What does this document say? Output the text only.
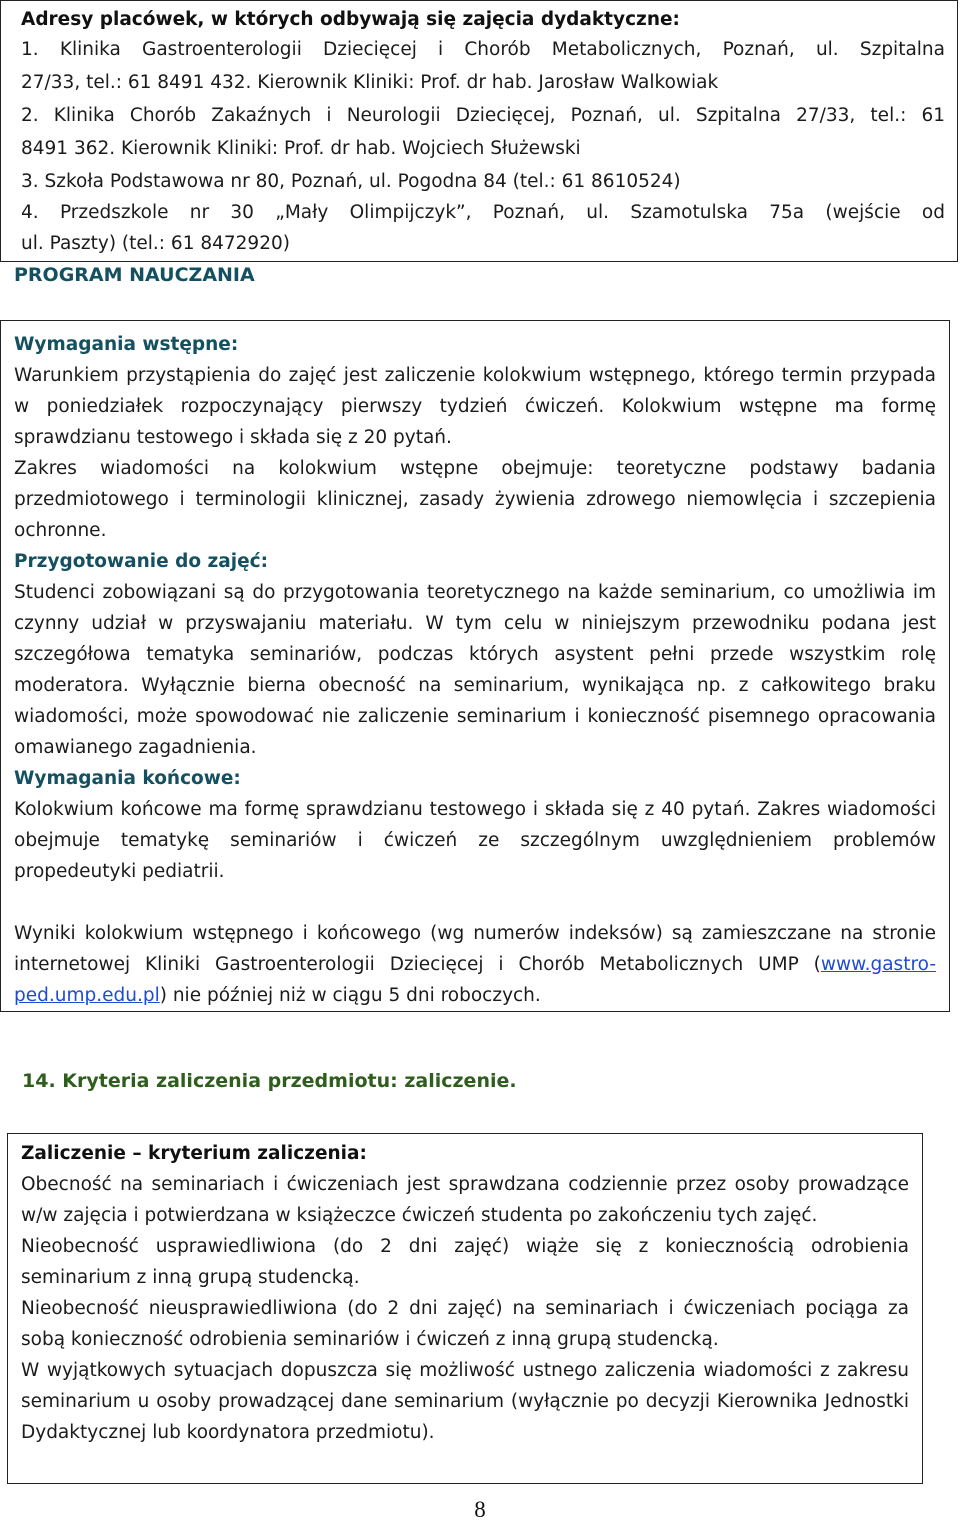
Adresy placówek, w których odbywają się zajęcia dydaktyczne:
1. Klinika Gastroenterologii Dziecięcej i Chorób Metabolicznych, Poznań, ul. Szpitalna
27/33, tel.: 61 8491 432. Kierownik Kliniki: Prof. dr hab. Jarosław Walkowiak
2. Klinika Chorób Zakaźnych i Neurologii Dziecięcej, Poznań, ul. Szpitalna 27/33, tel.: 61
8491 362. Kierownik Kliniki: Prof. dr hab. Wojciech Służewski
3. Szkoła Podstawowa nr 80, Poznań, ul. Pogodna 84 (tel.: 61 8610524)
4. Przedszkole nr 30 „Mały Olimpijczyk”, Poznań, ul. Szamotulska 75a (wejście od
ul. Paszty) (tel.: 61 8472920)
PROGRAM NAUCZANIA

Wymagania wstępne:

Warunkiem przystąpienia do zajęć jest zaliczenie kolokwium wstępnego, którego termin przypada w poniedziałek rozpoczynający pierwszy tydzień ćwiczeń. Kolokwium wstępne ma formę sprawdzianu testowego i składa się z 20 pytań.

Zakres wiadomości na kolokwium wstępne obejmuje: teoretyczne podstawy badania przedmiotowego i terminologii klinicznej, zasady żywienia zdrowego niemowlęcia i szczepienia ochronne.

Przygotowanie do zajęć:

Studenci zobowiązani są do przygotowania teoretycznego na każde seminarium, co umożliwia im czynny udział w przyswajaniu materiału. W tym celu w niniejszym przewodniku podana jest szczegółowa tematyka seminariów, podczas których asystent pełni przede wszystkim rolę moderatora. Wyłącznie bierna obecność na seminarium, wynikająca np. z całkowitego braku wiadomości, może spowodować nie zaliczenie seminarium i konieczność pisemnego opracowania omawianego zagadnienia.

Wymagania końcowe:

Kolokwium końcowe ma formę sprawdzianu testowego i składa się z 40 pytań. Zakres wiadomości obejmuje tematykę seminariów i ćwiczeń ze szczególnym uwzględnieniem problemów propedeutyki pediatrii.

Wyniki kolokwium wstępnego i końcowego (wg numerów indeksów) są zamieszczane na stronie internetowej Kliniki Gastroenterologii Dziecięcej i Chorób Metabolicznych UMP (www.gastro-ped.ump.edu.pl) nie później niż w ciągu 5 dni roboczych.

14. Kryteria zaliczenia przedmiotu: zaliczenie.

Zaliczenie – kryterium zaliczenia:

Obecność na seminariach i ćwiczeniach jest sprawdzana codziennie przez osoby prowadzące w/w zajęcia i potwierdzana w książeczce ćwiczeń studenta po zakończeniu tych zajęć.

Nieobecność usprawiedliwiona (do 2 dni zajęć) wiąże się z koniecznością odrobienia seminarium z inną grupą studencką.

Nieobecność nieusprawiedliwiona (do 2 dni zajęć) na seminariach i ćwiczeniach pociąga za sobą konieczność odrobienia seminariów i ćwiczeń z inną grupą studencką.

W wyjątkowych sytuacjach dopuszcza się możliwość ustnego zaliczenia wiadomości z zakresu seminarium u osoby prowadzącej dane seminarium (wyłącznie po decyzji Kierownika Jednostki Dydaktycznej lub koordynatora przedmiotu).

8
